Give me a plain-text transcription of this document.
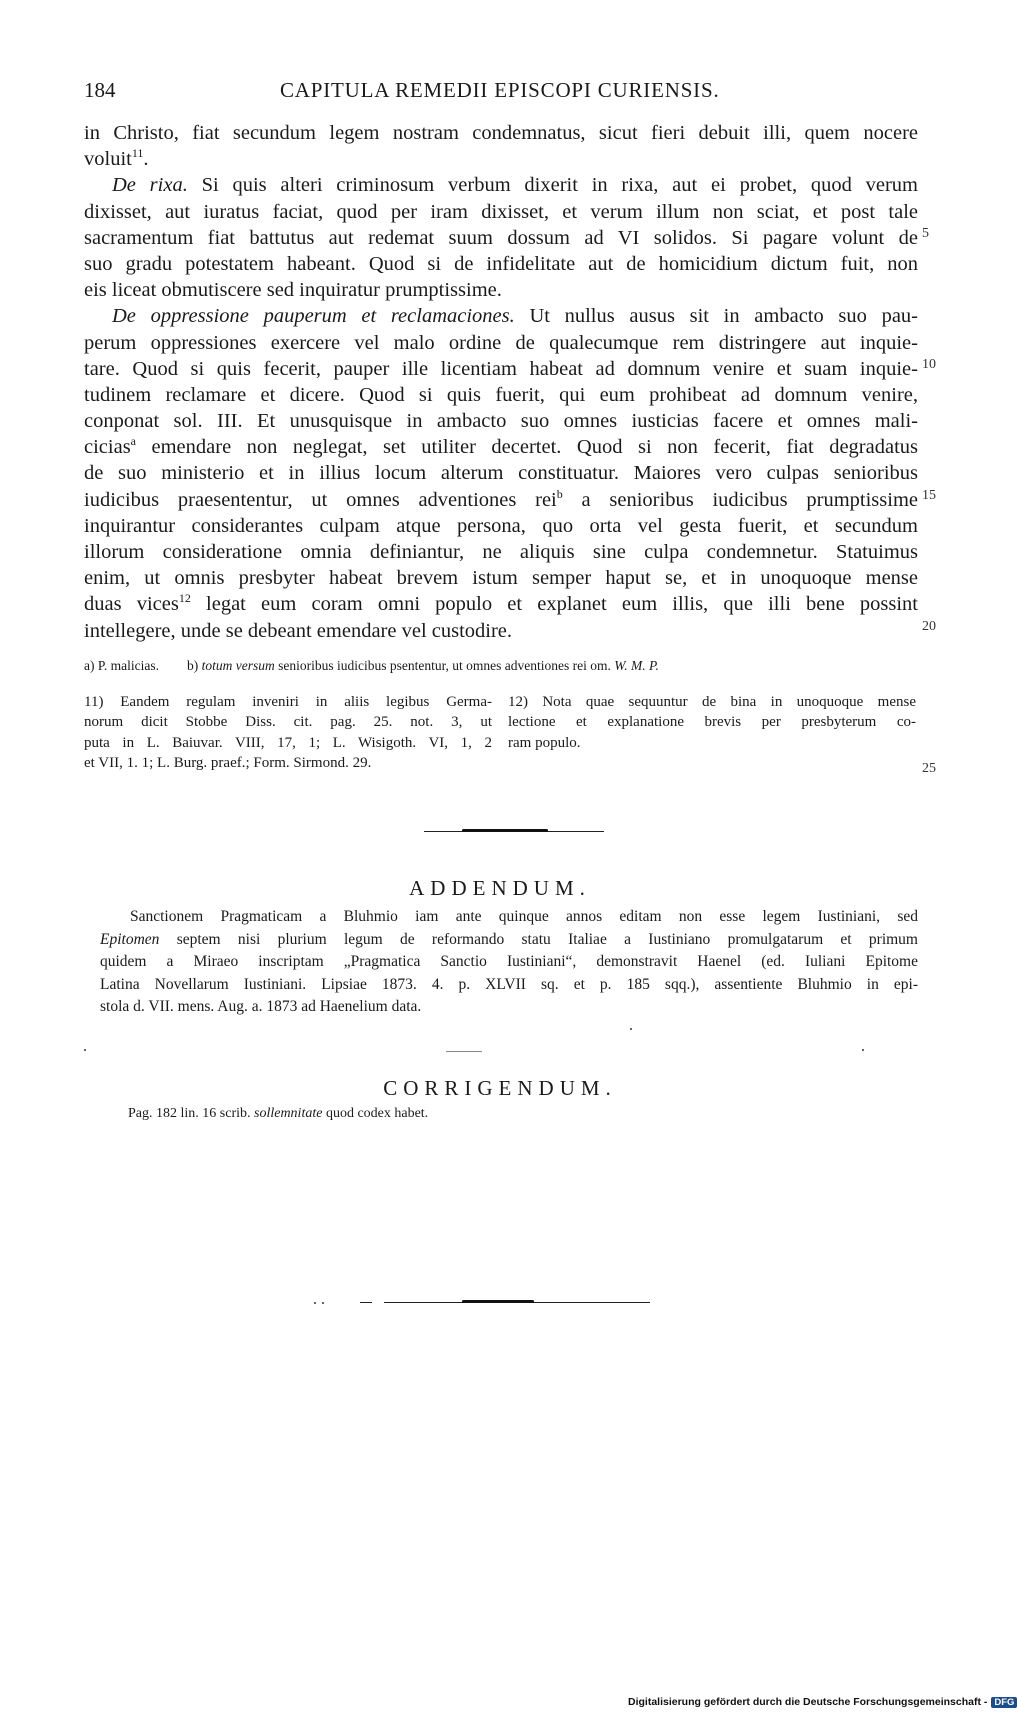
184	CAPITULA REMEDII EPISCOPI CURIENSIS.
in Christo, fiat secundum legem nostram condemnatus, sicut fieri debuit illi, quem nocere
voluit$^{11}$.
De rixa. Si quis alteri criminosum verbum dixerit in rixa, aut ei probet, quod verum
dixisset, aut iuratus faciat, quod per iram dixisset, et verum illum non sciat, et post tale
sacramentum fiat battutus aut redemat suum dossum ad VI solidos. Si pagare volunt de
suo gradu potestatem habeant. Quod si de infidelitate aut de homicidium dictum fuit, non
eis liceat obmutiscere sed inquiratur prumptissime.
De oppressione pauperum et reclamaciones. Ut nullus ausus sit in ambacto suo pau-
perum oppressiones exercere vel malo ordine de qualecumque rem distringere aut inquie-
tare. Quod si quis fecerit, pauper ille licentiam habeat ad domnum venire et suam inquie-
tudinem reclamare et dicere. Quod si quis fuerit, qui eum prohibeat ad domnum venire,
conponat sol. III. Et unusquisque in ambacto suo omnes iusticias facere et omnes mali-
cicias$^a$ emendare non neglegat, set utiliter decertet. Quod si non fecerit, fiat degradatus
de suo ministerio et in illius locum alterum constituatur. Maiores vero culpas senioribus
iudicibus praesententur, ut omnes adventiones rei$^b$ a senioribus iudicibus prumptissime
inquirantur considerantes culpam atque persona, quo orta vel gesta fuerit, et secundum
illorum consideratione omnia definiantur, ne aliquis sine culpa condemnetur. Statuimus
enim, ut omnis presbyter habeat brevem istum semper haput se, et in unoquoque mense
duas vices$^{12}$ legat eum coram omni populo et explanet eum illis, que illi bene possint
intellegere, unde se debeant emendare vel custodire.
5
10
15
20
25
a) P. malicias. b) totum versum senioribus iudicibus psententur, ut omnes adventiones rei om. W. M. P.
11) Eandem regulam inveniri in aliis legibus Germa-
norum dicit Stobbe Diss. cit. pag. 25. not. 3, ut
puta in L. Baiuvar. VIII, 17, 1; L. Wisigoth. VI, 1, 2
et VII, 1. 1; L. Burg. praef.; Form. Sirmond. 29.
12) Nota quae sequuntur de bina in unoquoque mense
lectione et explanatione brevis per presbyterum co-
ram populo.
ADDENDUM.
Sanctionem Pragmaticam a Bluhmio iam ante quinque annos editam non esse legem Iustiniani, sed
Epitomen septem nisi plurium legum de reformando statu Italiae a Iustiniano promulgatarum et primum
quidem a Miraeo inscriptam „Pragmatica Sanctio Iustiniani“, demonstravit Haenel (ed. Iuliani Epitome
Latina Novellarum Iustiniani. Lipsiae 1873. 4. p. XLVII sq. et p. 185 sqq.), assentiente Bluhmio in epi-
stola d. VII. mens. Aug. a. 1873 ad Haenelium data.
CORRIGENDUM.
Pag. 182 lin. 16 scrib. sollemnitate quod codex habet.
Digitalisierung gefördert durch die Deutsche Forschungsgemeinschaft - DFG
